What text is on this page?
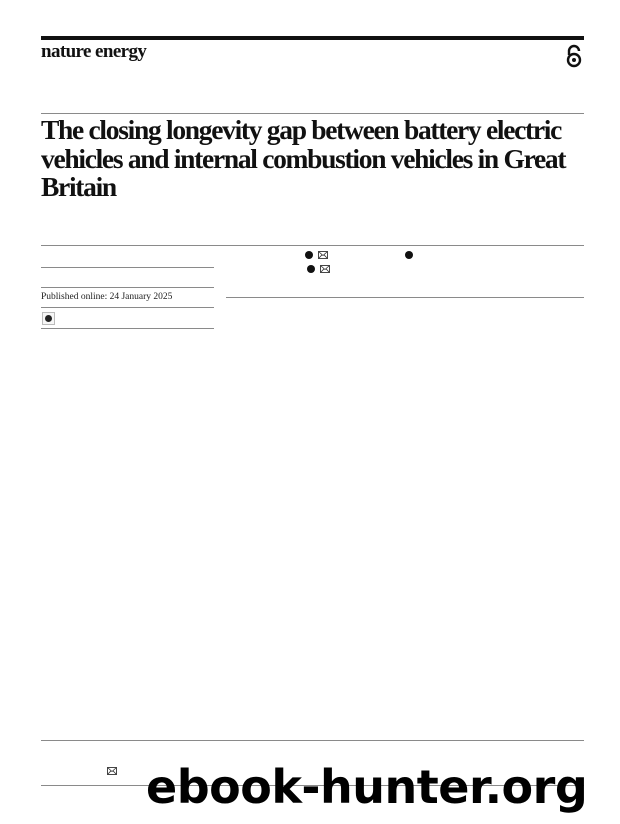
nature energy
The closing longevity gap between battery electric vehicles and internal combustion vehicles in Great Britain
Published online: 24 January 2025
ebook-hunter.org
